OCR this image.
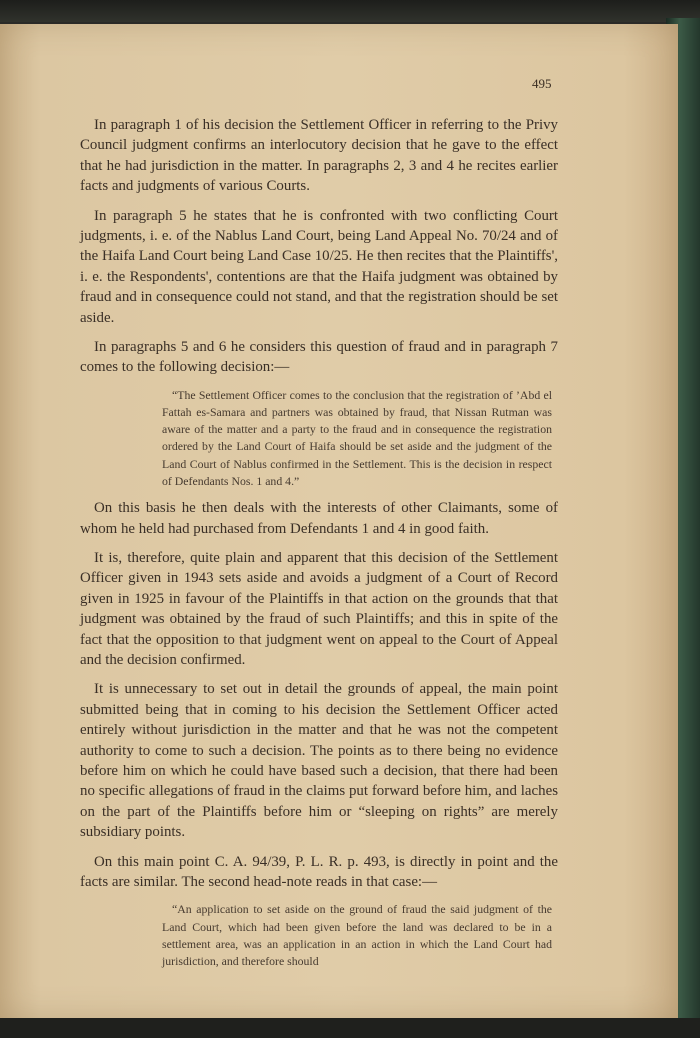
495

In paragraph 1 of his decision the Settlement Officer in referring to the Privy Council judgment confirms an interlocutory decision that he gave to the effect that he had jurisdiction in the matter. In paragraphs 2, 3 and 4 he recites earlier facts and judgments of various Courts.

In paragraph 5 he states that he is confronted with two conflicting Court judgments, i. e. of the Nablus Land Court, being Land Appeal No. 70/24 and of the Haifa Land Court being Land Case 10/25. He then recites that the Plaintiffs', i. e. the Respondents', contentions are that the Haifa judgment was obtained by fraud and in consequence could not stand, and that the registration should be set aside.

In paragraphs 5 and 6 he considers this question of fraud and in paragraph 7 comes to the following decision:—

“The Settlement Officer comes to the conclusion that the registration of ’Abd el Fattah es-Samara and partners was obtained by fraud, that Nissan Rutman was aware of the matter and a party to the fraud and in consequence the registration ordered by the Land Court of Haifa should be set aside and the judgment of the Land Court of Nablus confirmed in the Settlement. This is the decision in respect of Defendants Nos. 1 and 4.”

On this basis he then deals with the interests of other Claimants, some of whom he held had purchased from Defendants 1 and 4 in good faith.

It is, therefore, quite plain and apparent that this decision of the Settlement Officer given in 1943 sets aside and avoids a judgment of a Court of Record given in 1925 in favour of the Plaintiffs in that action on the grounds that that judgment was obtained by the fraud of such Plaintiffs; and this in spite of the fact that the opposition to that judgment went on appeal to the Court of Appeal and the decision confirmed.

It is unnecessary to set out in detail the grounds of appeal, the main point submitted being that in coming to his decision the Settlement Officer acted entirely without jurisdiction in the matter and that he was not the competent authority to come to such a decision. The points as to there being no evidence before him on which he could have based such a decision, that there had been no specific allegations of fraud in the claims put forward before him, and laches on the part of the Plaintiffs before him or “sleeping on rights” are merely subsidiary points.

On this main point C. A. 94/39, P. L. R. p. 493, is directly in point and the facts are similar. The second head-note reads in that case:—

“An application to set aside on the ground of fraud the said judgment of the Land Court, which had been given before the land was declared to be in a settlement area, was an application in an action in which the Land Court had jurisdiction, and therefore should
